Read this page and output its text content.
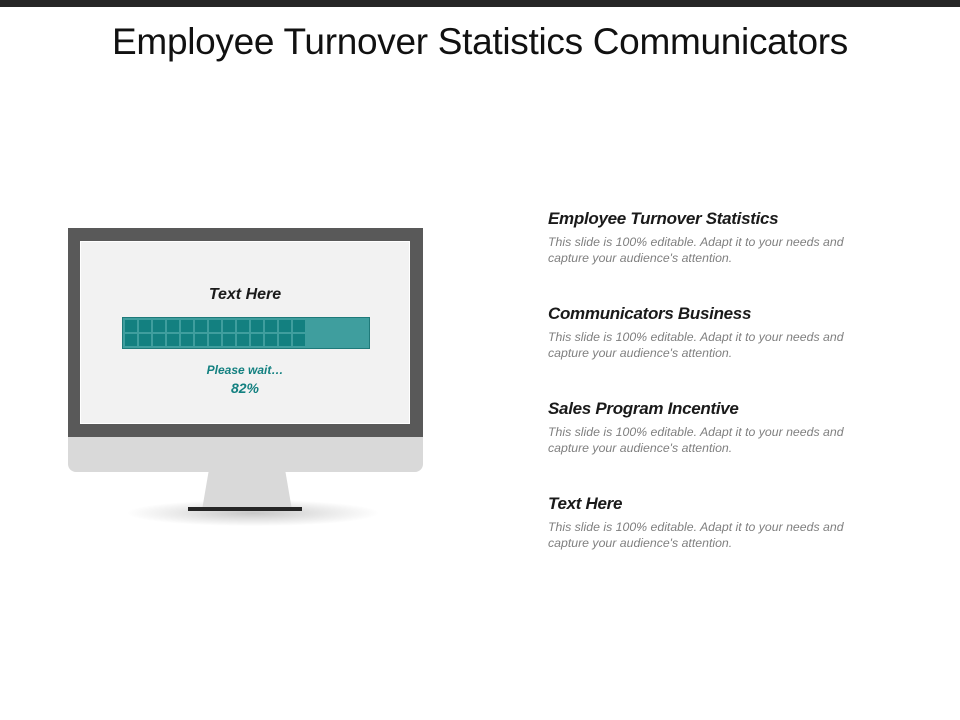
Employee Turnover Statistics Communicators
Text Here
Please wait…
82%
Employee Turnover Statistics
This slide is 100% editable. Adapt it to your needs and capture your audience's attention.
Communicators Business
This slide is 100% editable. Adapt it to your needs and capture your audience's attention.
Sales Program Incentive
This slide is 100% editable. Adapt it to your needs and capture your audience's attention.
Text Here
This slide is 100% editable. Adapt it to your needs and capture your audience's attention.
